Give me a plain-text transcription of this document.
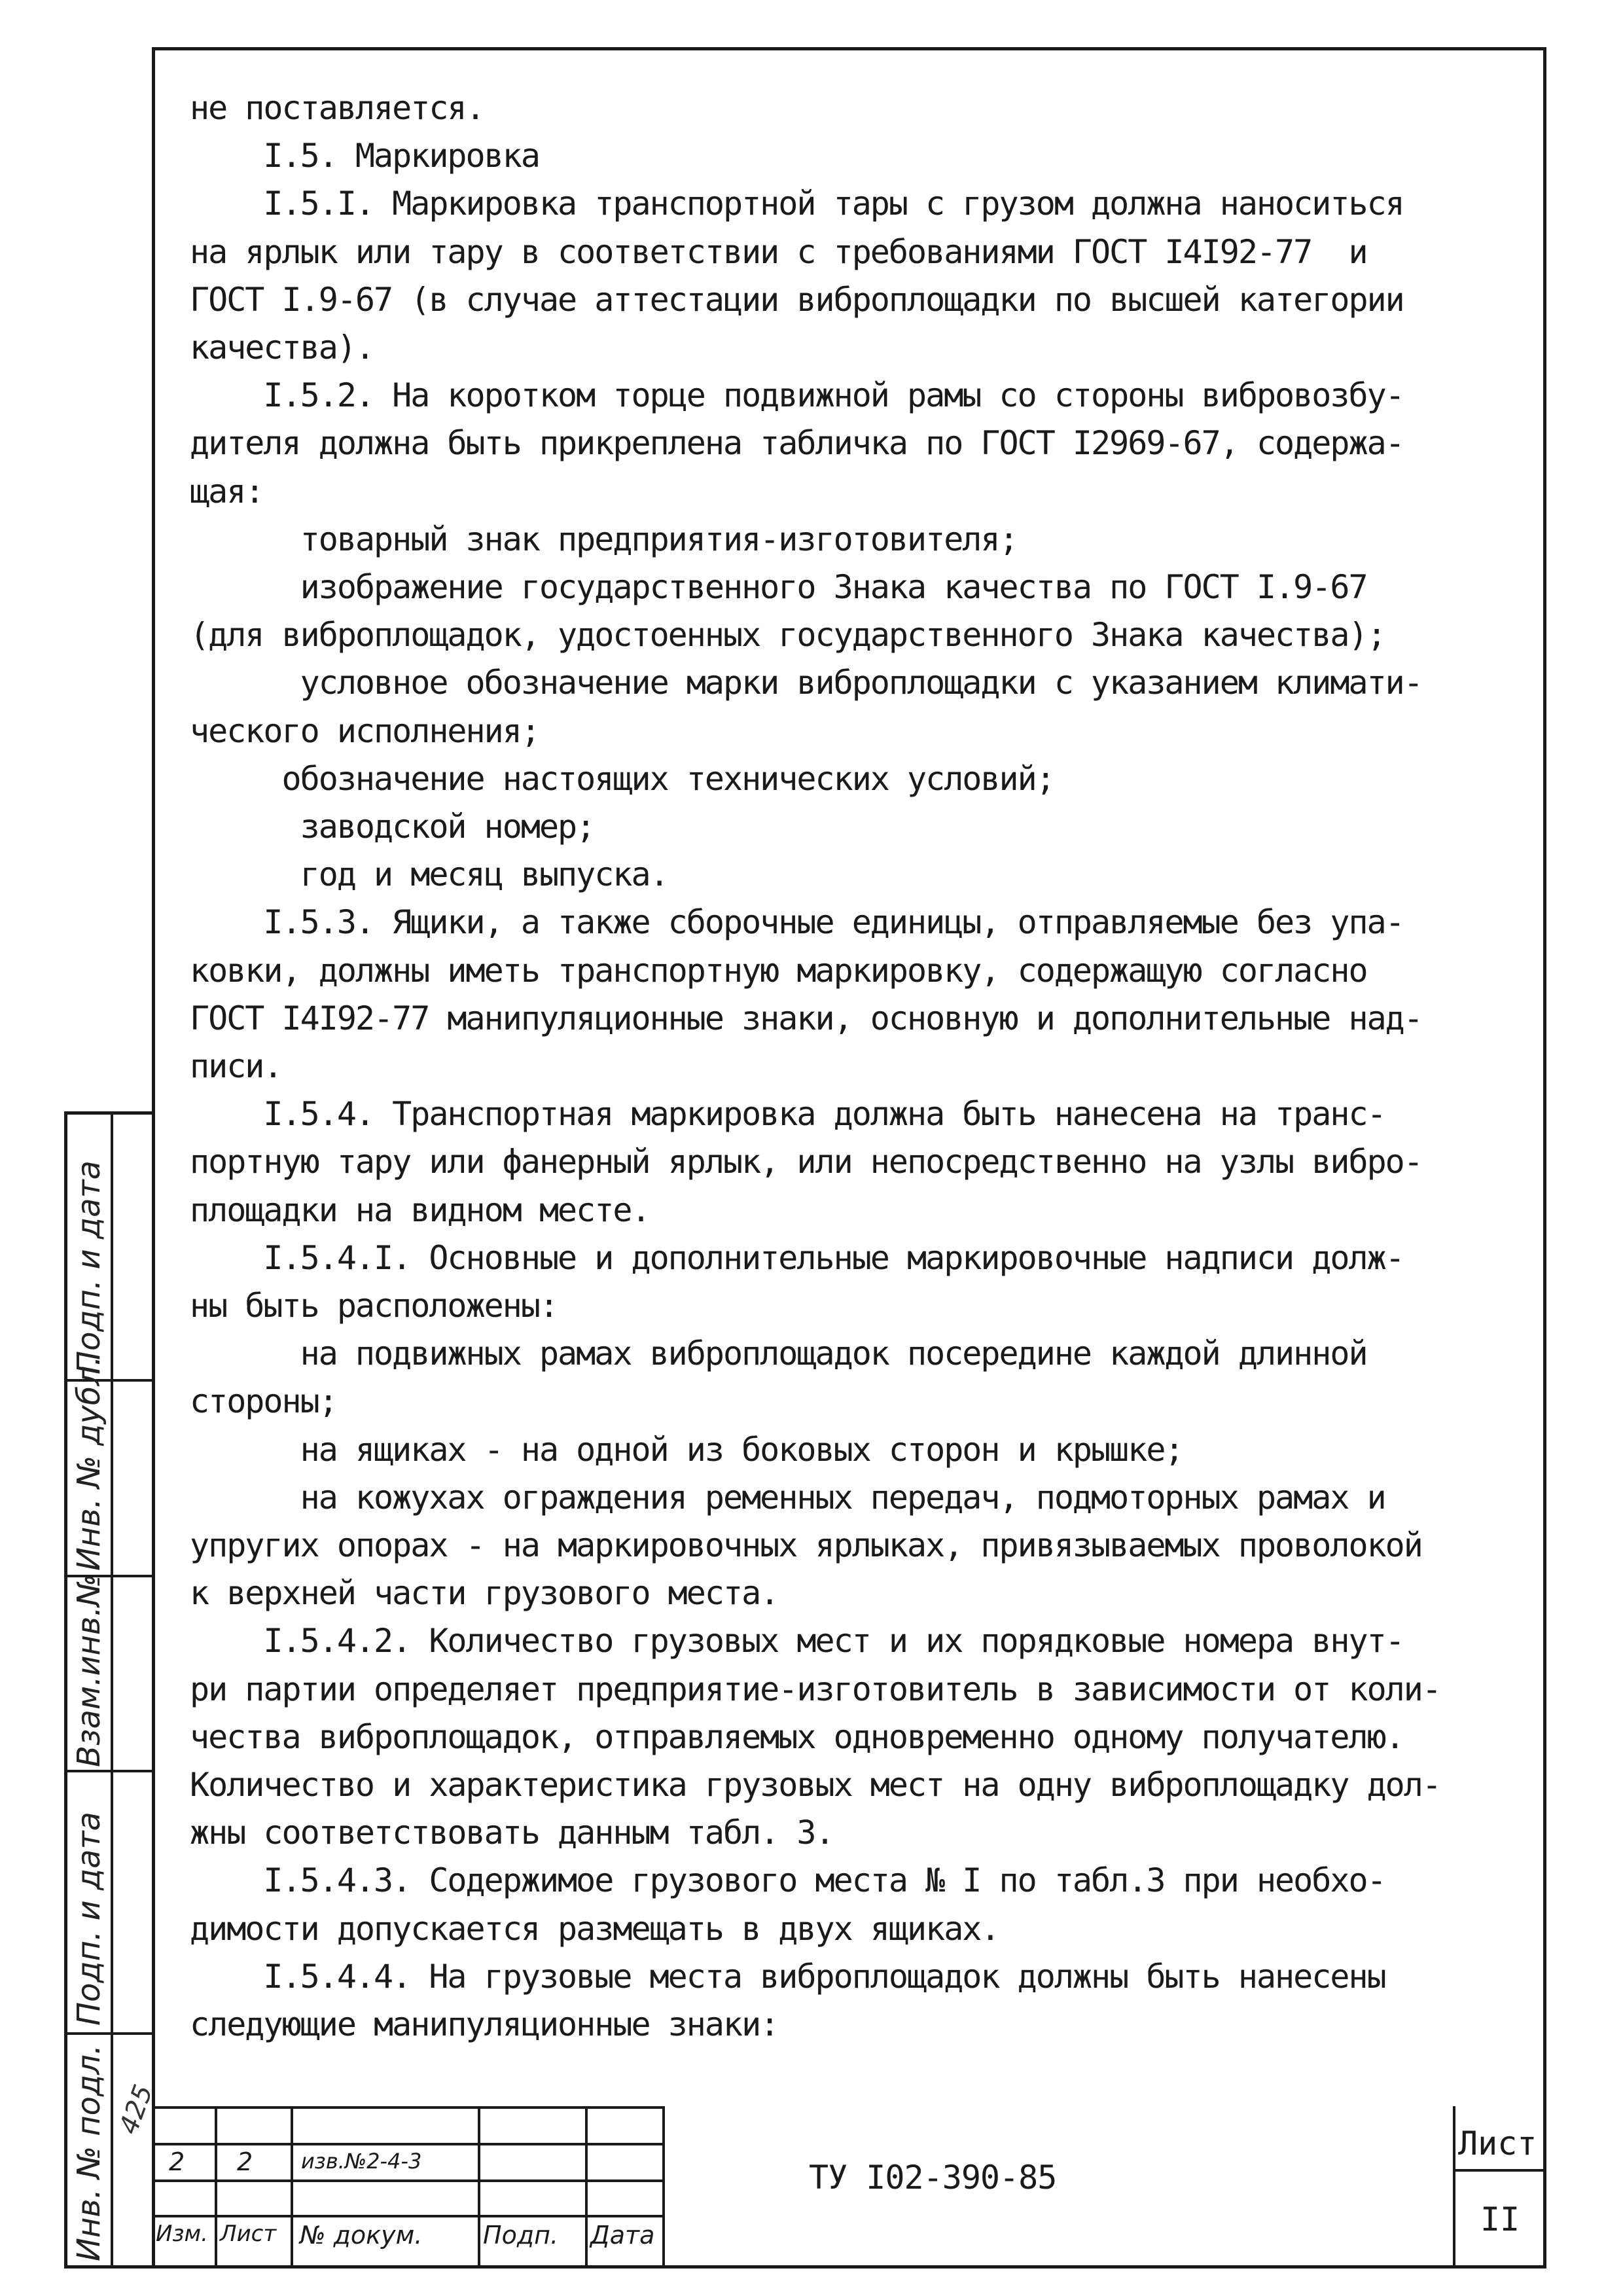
не поставляется.
I.5. Маркировка
I.5.I. Маркировка транспортной тары с грузом должна наноситься
на ярлык или тару в соответствии с требованиями ГОСТ I4I92-77  и
ГОСТ I.9-67 (в случае аттестации виброплощадки по высшей категории
качества).
I.5.2. На коротком торце подвижной рамы со стороны вибровозбу-
дителя должна быть прикреплена табличка по ГОСТ I2969-67, содержа-
щая:
товарный знак предприятия-изготовителя;
изображение государственного Знака качества по ГОСТ I.9-67
(для виброплощадок, удостоенных государственного Знака качества);
условное обозначение марки виброплощадки с указанием климати-
ческого исполнения;
обозначение настоящих технических условий;
заводской номер;
год и месяц выпуска.
I.5.3. Ящики, а также сборочные единицы, отправляемые без упа-
ковки, должны иметь транспортную маркировку, содержащую согласно
ГОСТ I4I92-77 манипуляционные знаки, основную и дополнительные над-
писи.
I.5.4. Транспортная маркировка должна быть нанесена на транс-
портную тару или фанерный ярлык, или непосредственно на узлы вибро-
площадки на видном месте.
I.5.4.I. Основные и дополнительные маркировочные надписи долж-
ны быть расположены:
на подвижных рамах виброплощадок посередине каждой длинной
стороны;
на ящиках - на одной из боковых сторон и крышке;
на кожухах ограждения ременных передач, подмоторных рамах и
упругих опорах - на маркировочных ярлыках, привязываемых проволокой
к верхней части грузового места.
I.5.4.2. Количество грузовых мест и их порядковые номера внут-
ри партии определяет предприятие-изготовитель в зависимости от коли-
чества виброплощадок, отправляемых одновременно одному получателю.
Количество и характеристика грузовых мест на одну виброплощадку дол-
жны соответствовать данным табл. 3.
I.5.4.3. Содержимое грузового места № I по табл.3 при необхо-
димости допускается размещать в двух ящиках.
I.5.4.4. На грузовые места виброплощадок должны быть нанесены
следующие манипуляционные знаки:
Подп. и дата
Инв. № дубл.
Взам.инв.№
Подп. и дата
Инв. № подл. 425
2 2 изв.№2-4-3
Изм. Лист № докум. Подп. Дата
ТУ I02-390-85
Лист
II
